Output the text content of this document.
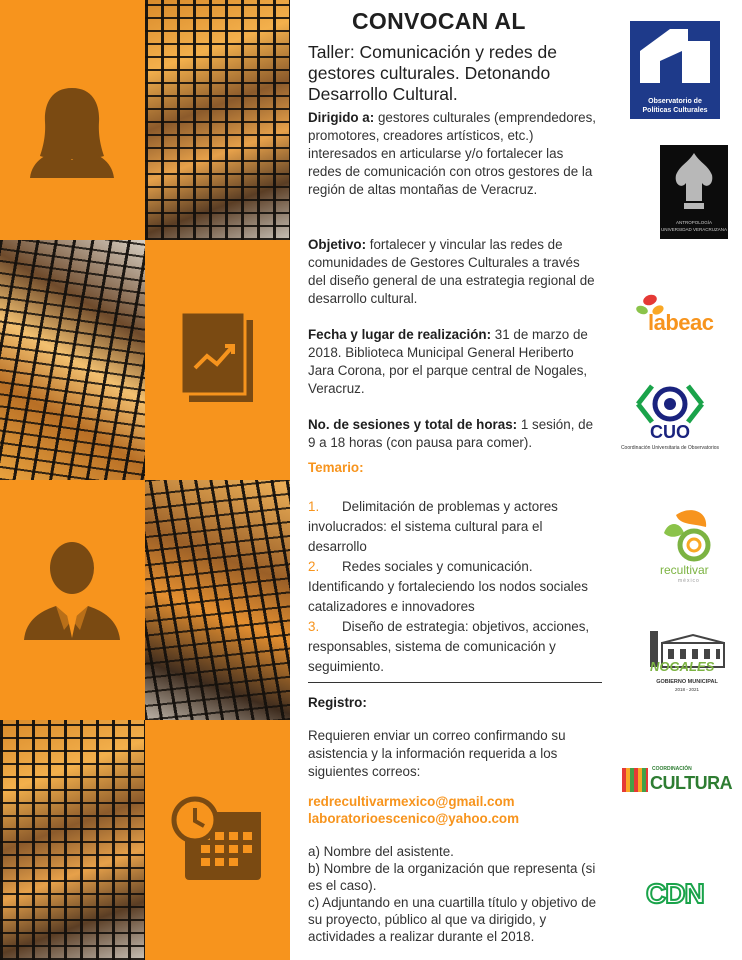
CONVOCAN AL
Taller: Comunicación y redes de gestores culturales. Detonando Desarrollo Cultural.
Dirigido a: gestores culturales (emprendedores, promotores, creadores artísticos, etc.) interesados en articularse y/o fortalecer las redes de comunicación con otros gestores de la región de altas montañas de Veracruz.
Objetivo: fortalecer y vincular las redes de comunidades de Gestores Culturales a través del diseño general de una estrategia regional de desarrollo cultural.
Fecha y lugar de realización: 31 de marzo de 2018. Biblioteca Municipal General Heriberto Jara Corona, por el parque central de Nogales, Veracruz.
No. de sesiones y total de horas: 1 sesión, de 9 a 18 horas (con pausa para comer).
Temario:
1. Delimitación de problemas y actores involucrados: el sistema cultural para el desarrollo
2. Redes sociales y comunicación. Identificando y fortaleciendo los nodos sociales catalizadores e innovadores
3. Diseño de estrategia: objetivos, acciones, responsables, sistema de comunicación y seguimiento.
Registro:
Requieren enviar un correo confirmando su asistencia y la información requerida a los siguientes correos:
redrecultivarmexico@gmail.com
laboratorioescenico@yahoo.com
a) Nombre del asistente.
b) Nombre de la organización que representa (si es el caso).
c) Adjuntando en una cuartilla título y objetivo de su proyecto, público al que va dirigido, y actividades a realizar durante el 2018.
Observatorio de
Políticas Culturales
ANTROPOLOGÍA
UNIVERSIDAD VERACRUZANA
labeac
CUO
Coordinación Universitaria de Observatorios
recultivar
méxico
NOGALES
GOBIERNO MUNICIPAL
2018 - 2021
COORDINACIÓN
CULTURA
CDN
